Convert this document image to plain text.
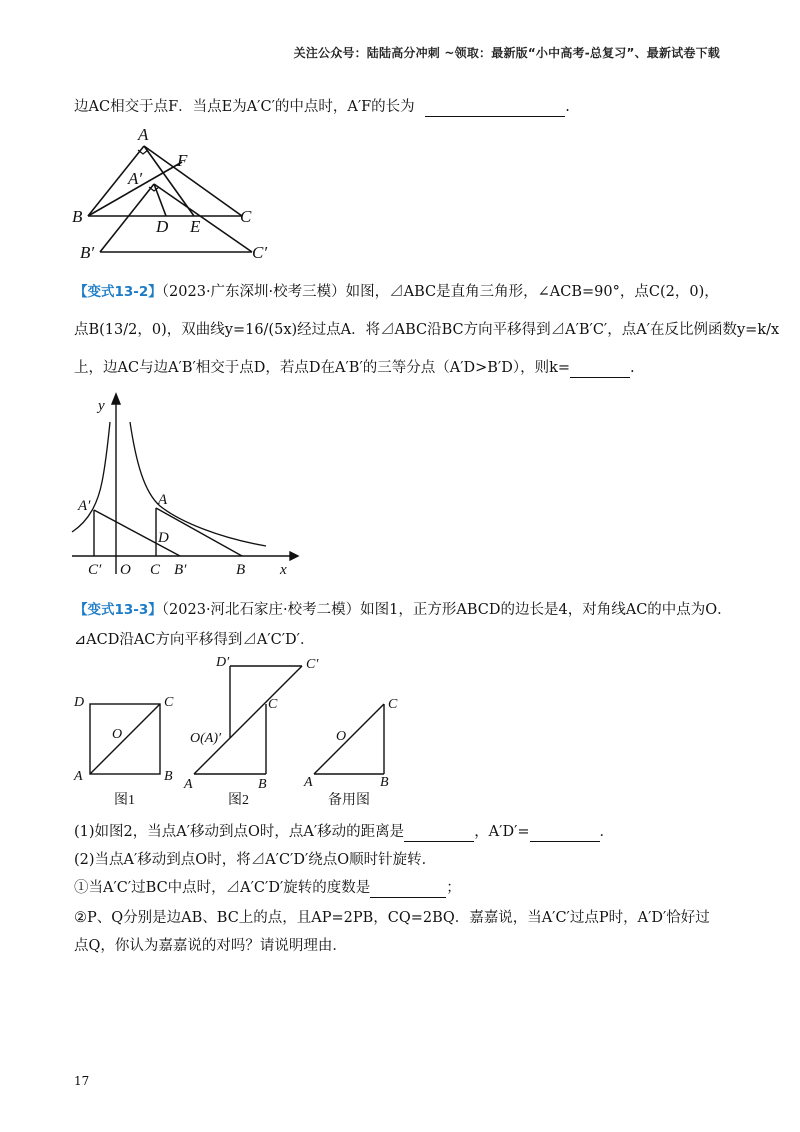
关注公众号：陆陆高分冲刺 ~领取：最新版“小中高考-总复习”、最新试卷下载
边AC相交于点F．当点E为A′C′的中点时，A′F的长为	.
A
F
A′
B
D E
C
B′	C′
【变式13-2】（2023·广东深圳·校考三模）如图，⊿ABC是直角三角形，∠ACB=90°，点C(2，0)，
点B(13/2，0)，双曲线y=16/(5x)经过点A．将⊿ABC沿BC方向平移得到⊿A′B′C′，点A′在反比例函数y=k/x
上，边AC与边A′B′相交于点D，若点D在A′B′的三等分点（A′D>B′D），则k=	.
y
A′	A
D
C′ O C B′	B x
【变式13-3】（2023·河北石家庄·校考二模）如图1，正方形ABCD的边长是4，对角线AC的中点为O．
⊿ACD沿AC方向平移得到⊿A′C′D′．
D	C
O
A	B
D′	C′
C
O(A)′
A	B
C
O
A	B
图1	图2	备用图
(1)如图2，当点A′移动到点O时，点A′移动的距离是	，A′D′=	．
(2)当点A′移动到点O时，将⊿A′C′D′绕点O顺时针旋转．
①当A′C′过BC中点时，⊿A′C′D′旋转的度数是	；
②P、Q分别是边AB、BC上的点，且AP=2PB，CQ=2BQ．嘉嘉说，当A′C′过点P时，A′D′恰好过
点Q，你认为嘉嘉说的对吗？请说明理由．
17
